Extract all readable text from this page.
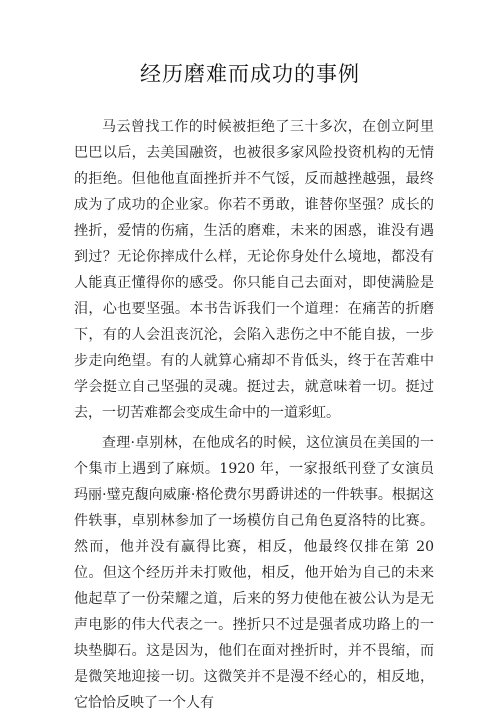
经历磨难而成功的事例

马云曾找工作的时候被拒绝了三十多次，在创立阿里巴巴以后，去美国融资，也被很多家风险投资机构的无情的拒绝。但他他直面挫折并不气馁，反而越挫越强，最终成为了成功的企业家。你若不勇敢，谁替你坚强？成长的挫折，爱情的伤痛，生活的磨难，未来的困惑，谁没有遇到过？无论你摔成什么样，无论你身处什么境地，都没有人能真正懂得你的感受。你只能自己去面对，即使满脸是泪，心也要坚强。本书告诉我们一个道理：在痛苦的折磨下，有的人会沮丧沉沦，会陷入悲伤之中不能自拔，一步步走向绝望。有的人就算心痛却不肯低头，终于在苦难中学会挺立自己坚强的灵魂。挺过去，就意味着一切。挺过去，一切苦难都会变成生命中的一道彩虹。

查理·卓别林，在他成名的时候，这位演员在美国的一个集市上遇到了麻烦。1920 年，一家报纸刊登了女演员玛丽·璧克馥向威廉·格伦费尔男爵讲述的一件轶事。根据这件轶事，卓别林参加了一场模仿自己角色夏洛特的比赛。然而，他并没有赢得比赛，相反，他最终仅排在第 20 位。但这个经历并未打败他，相反，他开始为自己的未来他起草了一份荣耀之道，后来的努力使他在被公认为是无声电影的伟大代表之一。挫折只不过是强者成功路上的一块垫脚石。这是因为，他们在面对挫折时，并不畏缩，而是微笑地迎接一切。这微笑并不是漫不经心的，相反地，它恰恰反映了一个人有
